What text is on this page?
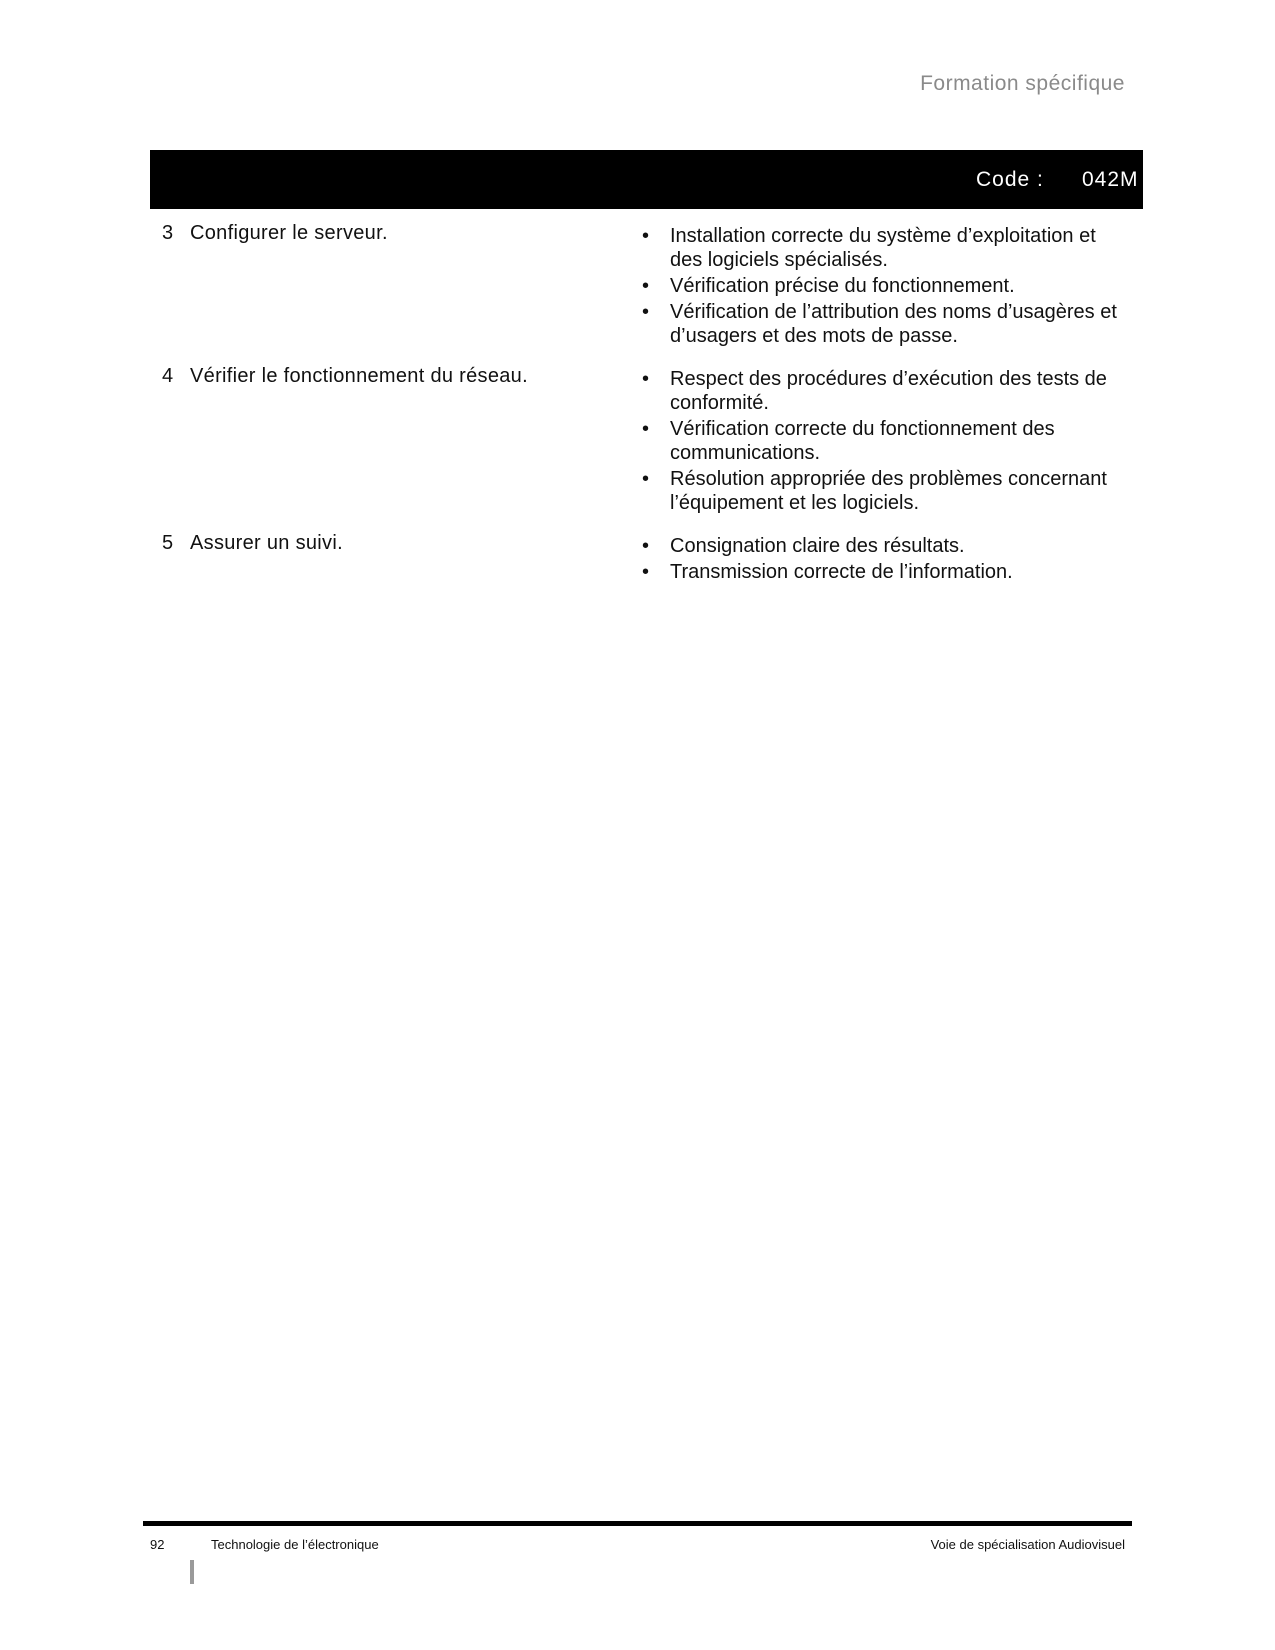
Formation spécifique
Code : 042M
3 Configurer le serveur.	• Installation correcte du système d’exploitation et des logiciels spécialisés.
• Vérification précise du fonctionnement.
• Vérification de l’attribution des noms d’usagères et d’usagers et des mots de passe.
4 Vérifier le fonctionnement du réseau.	• Respect des procédures d’exécution des tests de conformité.
• Vérification correcte du fonctionnement des communications.
• Résolution appropriée des problèmes concernant l’équipement et les logiciels.
5 Assurer un suivi.	• Consignation claire des résultats.
• Transmission correcte de l’information.
92	Technologie de l’électronique	Voie de spécialisation Audiovisuel
